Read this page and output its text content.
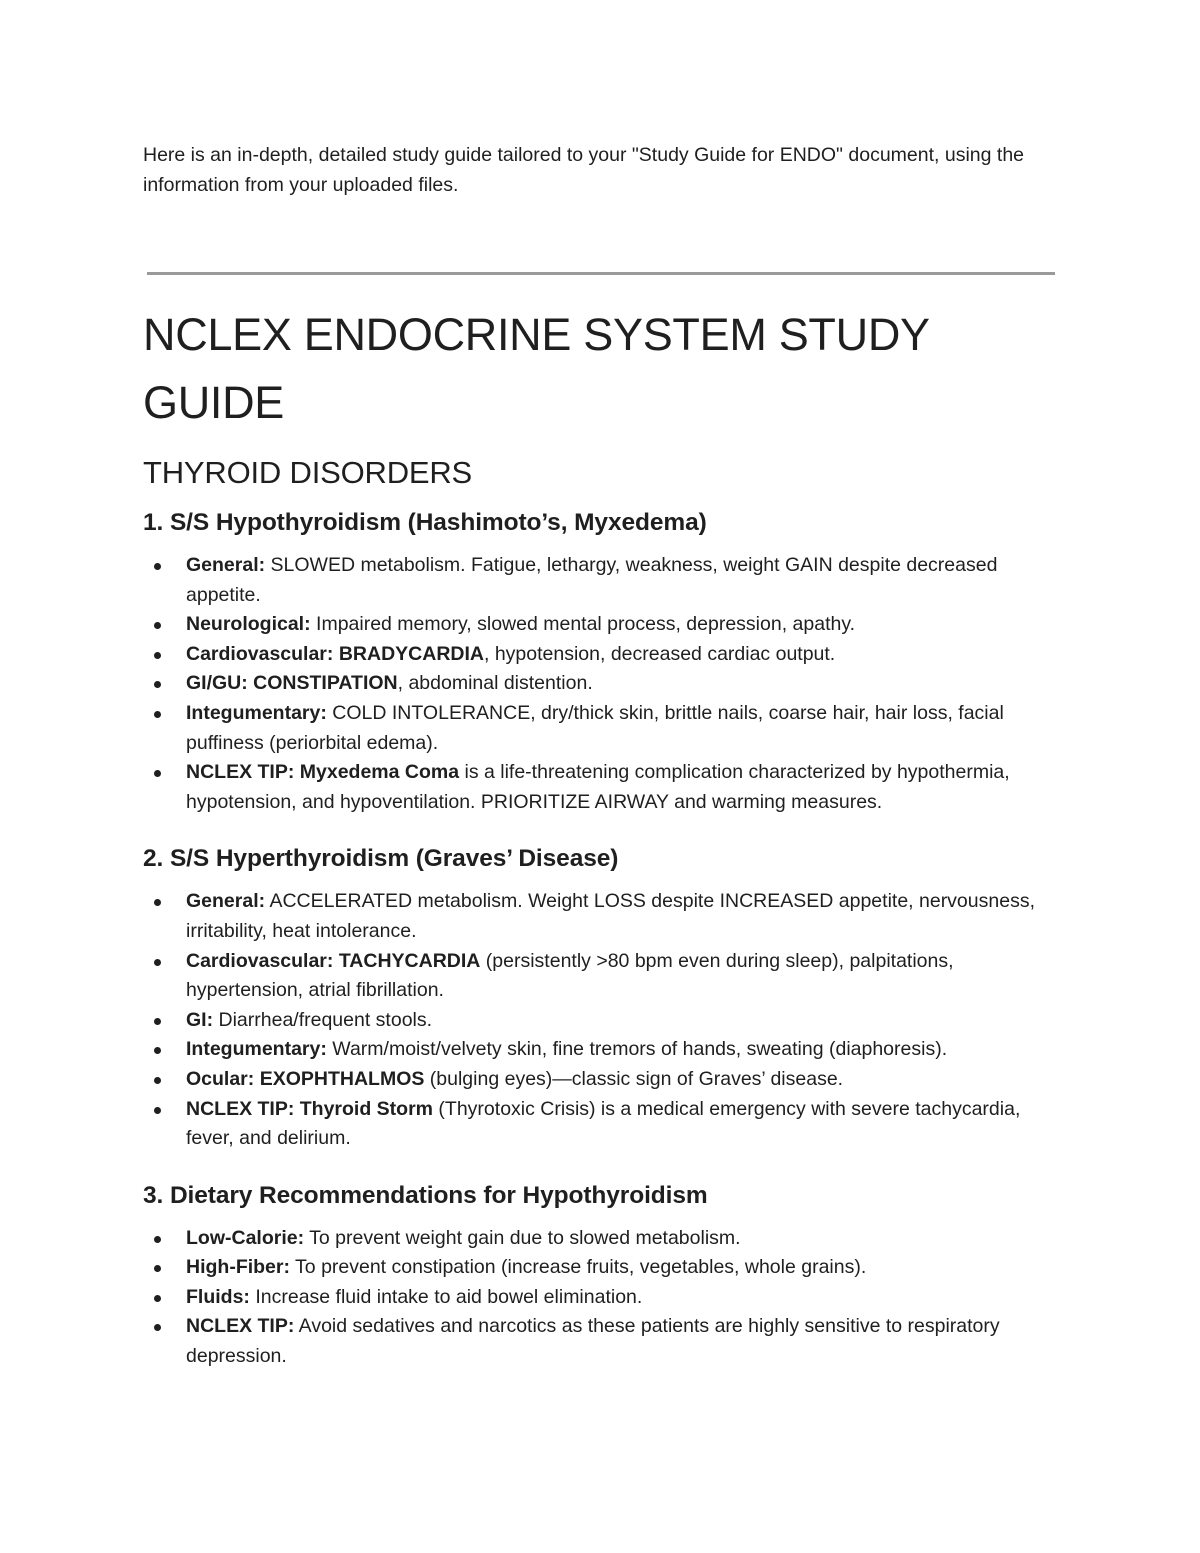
Here is an in-depth, detailed study guide tailored to your "Study Guide for ENDO" document, using the information from your uploaded files.

NCLEX ENDOCRINE SYSTEM STUDY GUIDE
THYROID DISORDERS
1. S/S Hypothyroidism (Hashimoto’s, Myxedema)
General: SLOWED metabolism. Fatigue, lethargy, weakness, weight GAIN despite decreased appetite.
Neurological: Impaired memory, slowed mental process, depression, apathy.
Cardiovascular: BRADYCARDIA, hypotension, decreased cardiac output.
GI/GU: CONSTIPATION, abdominal distention.
Integumentary: COLD INTOLERANCE, dry/thick skin, brittle nails, coarse hair, hair loss, facial puffiness (periorbital edema).
NCLEX TIP: Myxedema Coma is a life-threatening complication characterized by hypothermia, hypotension, and hypoventilation. PRIORITIZE AIRWAY and warming measures.
2. S/S Hyperthyroidism (Graves’ Disease)
General: ACCELERATED metabolism. Weight LOSS despite INCREASED appetite, nervousness, irritability, heat intolerance.
Cardiovascular: TACHYCARDIA (persistently >80 bpm even during sleep), palpitations, hypertension, atrial fibrillation.
GI: Diarrhea/frequent stools.
Integumentary: Warm/moist/velvety skin, fine tremors of hands, sweating (diaphoresis).
Ocular: EXOPHTHALMOS (bulging eyes)—classic sign of Graves’ disease.
NCLEX TIP: Thyroid Storm (Thyrotoxic Crisis) is a medical emergency with severe tachycardia, fever, and delirium.
3. Dietary Recommendations for Hypothyroidism
Low-Calorie: To prevent weight gain due to slowed metabolism.
High-Fiber: To prevent constipation (increase fruits, vegetables, whole grains).
Fluids: Increase fluid intake to aid bowel elimination.
NCLEX TIP: Avoid sedatives and narcotics as these patients are highly sensitive to respiratory depression.
